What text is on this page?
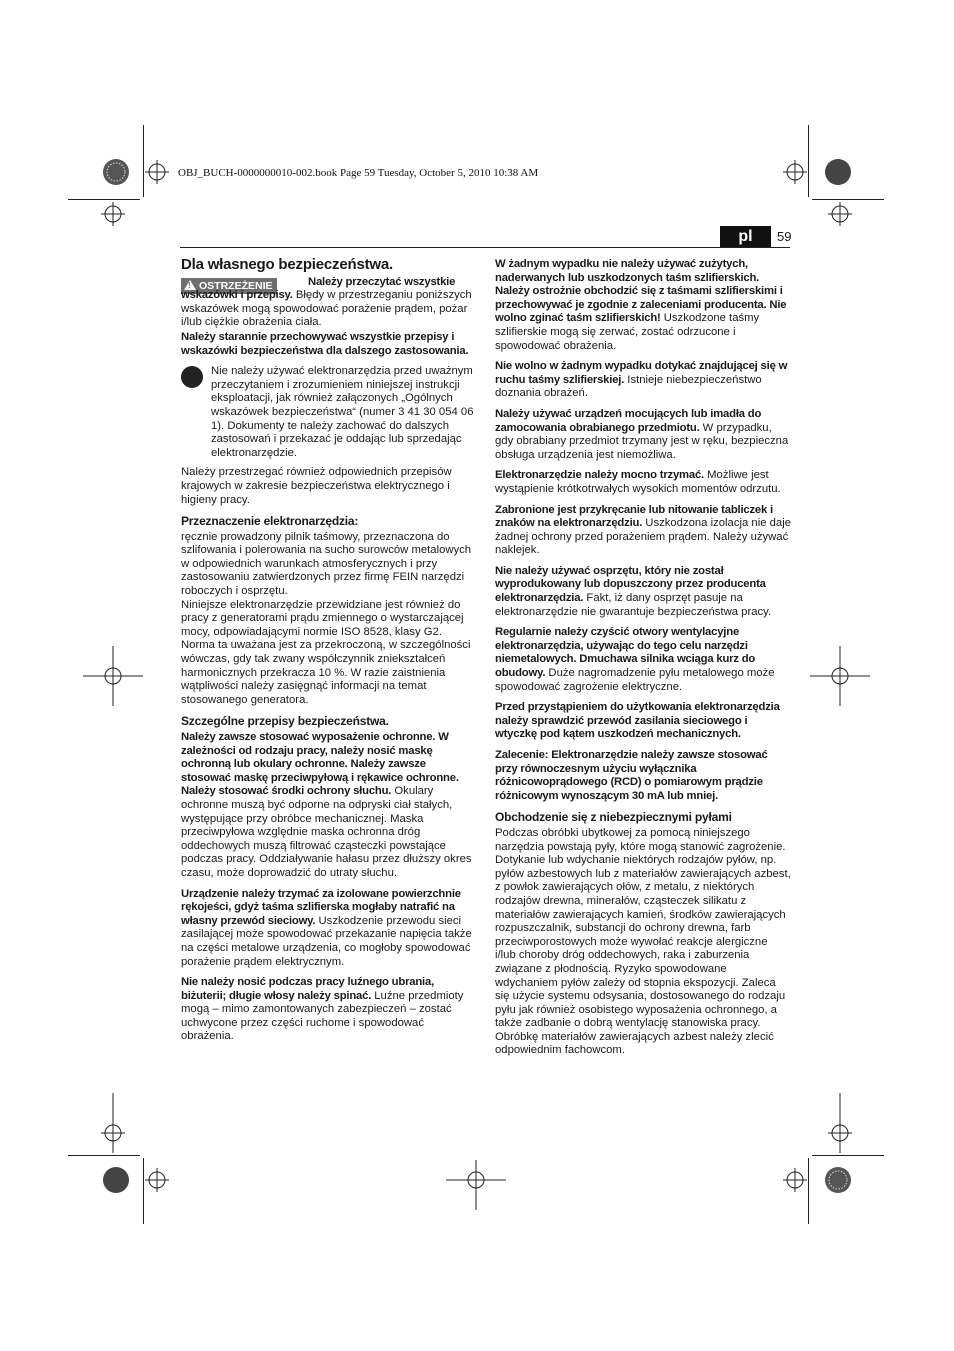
OBJ_BUCH-0000000010-002.book Page 59 Tuesday, October 5, 2010 10:38 AM
pl	59
Dla własnego bezpieczeństwa.
! OSTRZEŻENIE	Należy przeczytać wszystkie wskazówki i przepisy. Błędy w przestrzeganiu poniższych wskazówek mogą spowodować porażenie prądem, pożar i/lub ciężkie obrażenia ciała.

Należy starannie przechowywać wszystkie przepisy i wskazówki bezpieczeństwa dla dalszego zastosowania.

Nie należy używać elektronarzędzia przed uważnym przeczytaniem i zrozumieniem niniejszej instrukcji eksploatacji, jak również załączonych „Ogólnych wskazówek bezpieczeństwa“ (numer 3 41 30 054 06 1). Dokumenty te należy zachować do dalszych zastosowań i przekazać je oddając lub sprzedając elektronarzędzie.

Należy przestrzegać również odpowiednich przepisów krajowych w zakresie bezpieczeństwa elektrycznego i higieny pracy.

Przeznaczenie elektronarzędzia:

ręcznie prowadzony pilnik taśmowy, przeznaczona do szlifowania i polerowania na sucho surowców metalowych w odpowiednich warunkach atmosferycznych i przy zastosowaniu zatwierdzonych przez firmę FEIN narzędzi roboczych i osprzętu.

Niniejsze elektronarzędzie przewidziane jest również do pracy z generatorami prądu zmiennego o wystarczającej mocy, odpowiadającymi normie ISO 8528, klasy G2. Norma ta uważana jest za przekroczoną, w szczególności wówczas, gdy tak zwany współczynnik zniekształceń harmonicznych przekracza 10 %. W razie zaistnienia wątpliwości należy zasięgnąć informacji na temat stosowanego generatora.

Szczególne przepisy bezpieczeństwa.

Należy zawsze stosować wyposażenie ochronne. W zależności od rodzaju pracy, należy nosić maskę ochronną lub okulary ochronne. Należy zawsze stosować maskę przeciwpyłową i rękawice ochronne. Należy stosować środki ochrony słuchu. Okulary ochronne muszą być odporne na odpryski ciał stałych, występujące przy obróbce mechanicznej. Maska przeciwpyłowa względnie maska ochronna dróg oddechowych muszą filtrować cząsteczki powstające podczas pracy. Oddziaływanie hałasu przez dłuższy okres czasu, może doprowadzić do utraty słuchu.

Urządzenie należy trzymać za izolowane powierzchnie rękojeści, gdyż taśma szlifierska mogłaby natrafić na własny przewód sieciowy. Uszkodzenie przewodu sieci zasilającej może spowodować przekazanie napięcia także na części metalowe urządzenia, co mogłoby spowodować porażenie prądem elektrycznym.

Nie należy nosić podczas pracy luźnego ubrania, biżuterii; długie włosy należy spinać. Luźne przedmioty mogą – mimo zamontowanych zabezpieczeń – zostać uchwycone przez części ruchome i spowodować obrażenia.

W żadnym wypadku nie należy używać zużytych, naderwanych lub uszkodzonych taśm szlifierskich. Należy ostrożnie obchodzić się z taśmami szlifierskimi i przechowywać je zgodnie z zaleceniami producenta. Nie wolno zginać taśm szlifierskich! Uszkodzone taśmy szlifierskie mogą się zerwać, zostać odrzucone i spowodować obrażenia.

Nie wolno w żadnym wypadku dotykać znajdującej się w ruchu taśmy szlifierskiej. Istnieje niebezpieczeństwo doznania obrażeń.

Należy używać urządzeń mocujących lub imadła do zamocowania obrabianego przedmiotu. W przypadku, gdy obrabiany przedmiot trzymany jest w ręku, bezpieczna obsługa urządzenia jest niemożliwa.

Elektronarzędzie należy mocno trzymać. Możliwe jest wystąpienie krótkotrwałych wysokich momentów odrzutu.

Zabronione jest przykręcanie lub nitowanie tabliczek i znaków na elektronarzędziu. Uszkodzona izolacja nie daje żadnej ochrony przed porażeniem prądem. Należy używać naklejek.

Nie należy używać osprzętu, który nie został wyprodukowany lub dopuszczony przez producenta elektronarzędzia. Fakt, iż dany osprzęt pasuje na elektronarzędzie nie gwarantuje bezpieczeństwa pracy.

Regularnie należy czyścić otwory wentylacyjne elektronarzędzia, używając do tego celu narzędzi niemetalowych. Dmuchawa silnika wciąga kurz do obudowy. Duże nagromadzenie pyłu metalowego może spowodować zagrożenie elektryczne.

Przed przystąpieniem do użytkowania elektronarzędzia należy sprawdzić przewód zasilania sieciowego i wtyczkę pod kątem uszkodzeń mechanicznych.

Zalecenie: Elektronarzędzie należy zawsze stosować przy równoczesnym użyciu wyłącznika różnicowoprądowego (RCD) o pomiarowym prądzie różnicowym wynoszącym 30 mA lub mniej.

Obchodzenie się z niebezpiecznymi pyłami

Podczas obróbki ubytkowej za pomocą niniejszego narzędzia powstają pyły, które mogą stanowić zagrożenie.

Dotykanie lub wdychanie niektórych rodzajów pyłów, np. pyłów azbestowych lub z materiałów zawierających azbest, z powłok zawierających ołów, z metalu, z niektórych rodzajów drewna, minerałów, cząsteczek silikatu z materiałów zawierających kamień, środków zawierających rozpuszczalnik, substancji do ochrony drewna, farb przeciwporostowych może wywołać reakcje alergiczne i/lub choroby dróg oddechowych, raka i zaburzenia związane z płodnością. Ryzyko spowodowane wdychaniem pyłów zależy od stopnia ekspozycji. Zaleca się użycie systemu odsysania, dostosowanego do rodzaju pyłu jak również osobistego wyposażenia ochronnego, a także zadbanie o dobrą wentylację stanowiska pracy. Obróbkę materiałów zawierających azbest należy zlecić odpowiednim fachowcom.
